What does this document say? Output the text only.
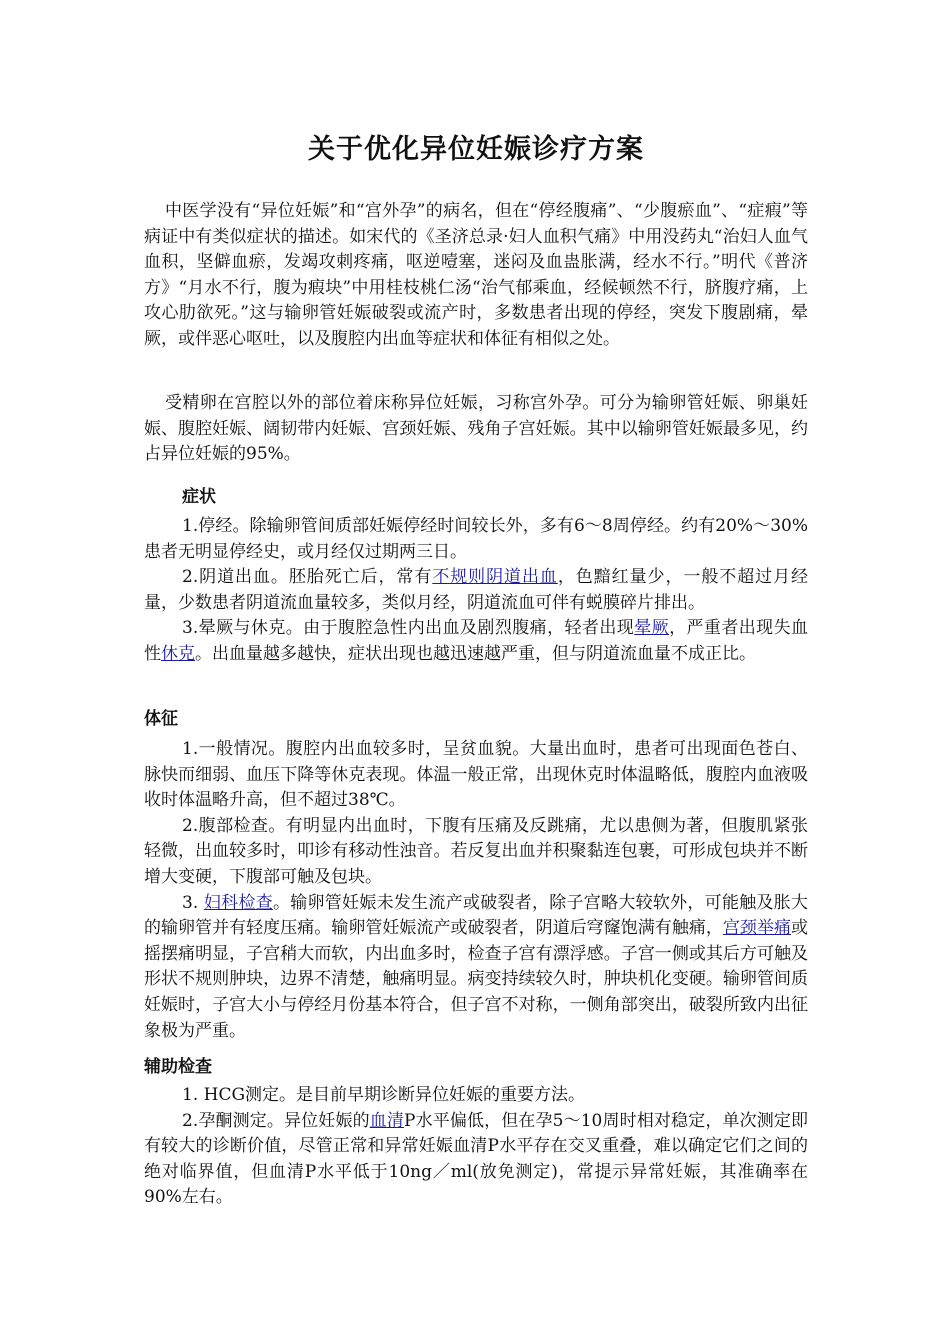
关于优化异位妊娠诊疗方案

中医学没有“异位妊娠”和“宫外孕”的病名，但在“停经腹痛”、“少腹瘀血”、“症瘕”等病证中有类似症状的描述。如宋代的《圣济总录·妇人血积气痛》中用没药丸“治妇人血气血积，坚僻血瘀，发竭攻刺疼痛，呕逆噎塞，迷闷及血蛊胀满，经水不行。”明代《普济方》“月水不行，腹为瘕块”中用桂枝桃仁汤“治气郁乘血，经候顿然不行，脐腹疗痛，上攻心肋欲死。”这与输卵管妊娠破裂或流产时，多数患者出现的停经，突发下腹剧痛，晕厥，或伴恶心呕吐，以及腹腔内出血等症状和体征有相似之处。

受精卵在宫腔以外的部位着床称异位妊娠，习称宫外孕。可分为输卵管妊娠、卵巢妊娠、腹腔妊娠、阔韧带内妊娠、宫颈妊娠、残角子宫妊娠。其中以输卵管妊娠最多见，约占异位妊娠的95%。

症状

1.停经。除输卵管间质部妊娠停经时间较长外，多有6～8周停经。约有20%～30%患者无明显停经史，或月经仅过期两三日。

2.阴道出血。胚胎死亡后，常有不规则阴道出血，色黯红量少，一般不超过月经量，少数患者阴道流血量较多，类似月经，阴道流血可伴有蜕膜碎片排出。

3.晕厥与休克。由于腹腔急性内出血及剧烈腹痛，轻者出现晕厥，严重者出现失血性休克。出血量越多越快，症状出现也越迅速越严重，但与阴道流血量不成正比。

体征

1.一般情况。腹腔内出血较多时，呈贫血貌。大量出血时，患者可出现面色苍白、脉快而细弱、血压下降等休克表现。体温一般正常，出现休克时体温略低，腹腔内血液吸收时体温略升高，但不超过38℃。

2.腹部检查。有明显内出血时，下腹有压痛及反跳痛，尤以患侧为著，但腹肌紧张轻微，出血较多时，叩诊有移动性浊音。若反复出血并积聚黏连包裹，可形成包块并不断增大变硬，下腹部可触及包块。

3. 妇科检查。输卵管妊娠未发生流产或破裂者，除子宫略大较软外，可能触及胀大的输卵管并有轻度压痛。输卵管妊娠流产或破裂者，阴道后穹窿饱满有触痛，宫颈举痛或摇摆痛明显，子宫稍大而软，内出血多时，检查子宫有漂浮感。子宫一侧或其后方可触及形状不规则肿块，边界不清楚，触痛明显。病变持续较久时，肿块机化变硬。输卵管间质妊娠时，子宫大小与停经月份基本符合，但子宫不对称，一侧角部突出，破裂所致内出征象极为严重。

辅助检查

1. HCG测定。是目前早期诊断异位妊娠的重要方法。

2.孕酮测定。异位妊娠的血清P水平偏低，但在孕5～10周时相对稳定，单次测定即有较大的诊断价值，尽管正常和异常妊娠血清P水平存在交叉重叠，难以确定它们之间的绝对临界值，但血清P水平低于10ng／ml(放免测定)，常提示异常妊娠，其准确率在90%左右。
